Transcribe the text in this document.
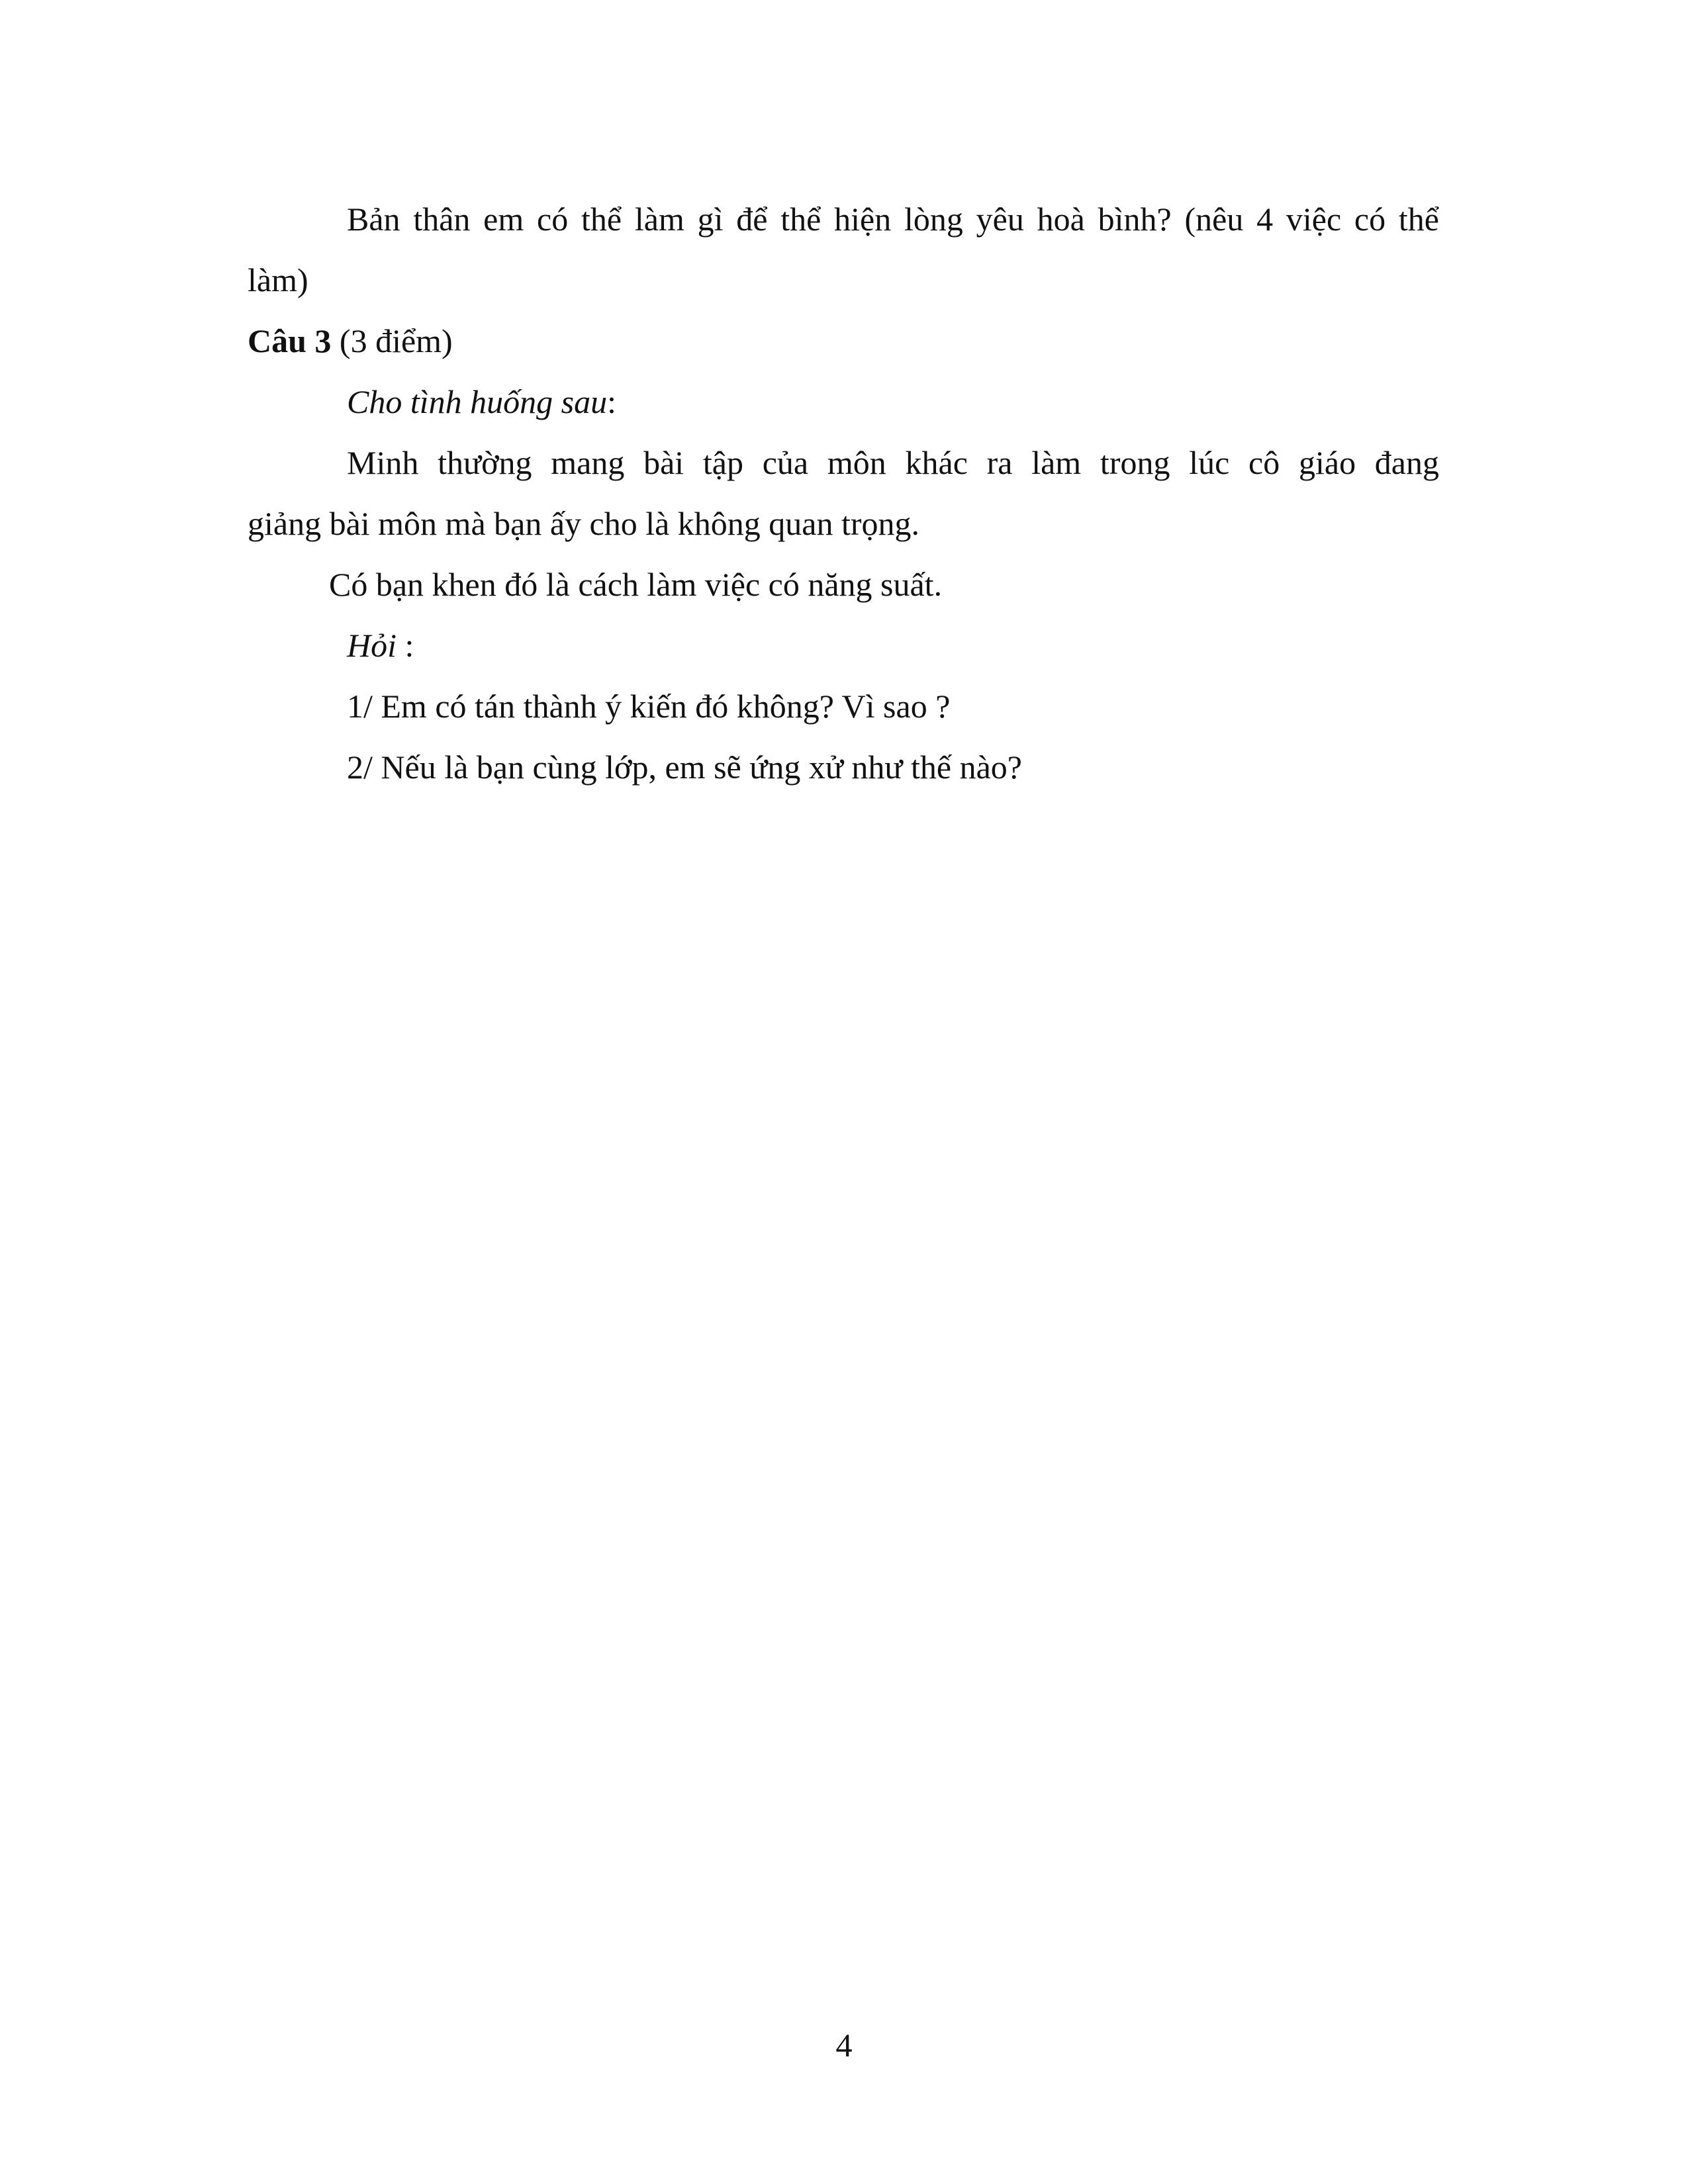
Bản thân em có thể làm gì để thể hiện lòng yêu hoà bình? (nêu 4 việc có thể

làm)

Câu 3 (3 điểm)

Cho tình huống sau:

Minh thường mang bài tập của môn khác ra làm trong lúc cô giáo đang

giảng bài môn mà bạn ấy cho là không quan trọng.

Có bạn khen đó là cách làm việc có năng suất.

Hỏi :

1/ Em có tán thành ý kiến đó không? Vì sao ?

2/ Nếu là bạn cùng lớp, em sẽ ứng xử như thế nào?

4
